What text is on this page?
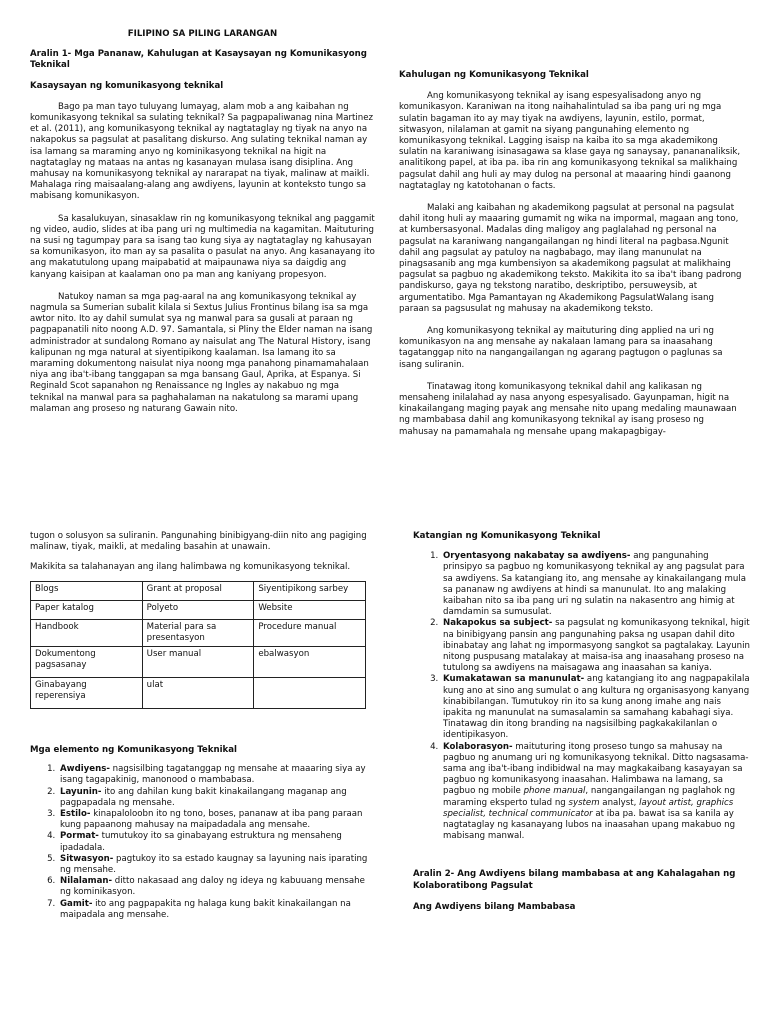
FILIPINO SA PILING LARANGAN

Aralin 1- Mga Pananaw, Kahulugan at Kasaysayan ng Komunikasyong Teknikal

Kasaysayan ng komunikasyong teknikal

Bago pa man tayo tuluyang lumayag, alam mob a ang kaibahan ng komunikasyong teknikal sa sulating teknikal? Sa pagpapaliwanag nina Martinez et al. (2011), ang komunikasyong teknikal ay nagtataglay ng tiyak na anyo na nakapokus sa pagsulat at pasalitang diskurso. Ang sulating teknikal naman ay isa lamang sa maraming anyo ng kominikasyong teknikal na higit na nagtataglay ng mataas na antas ng kasanayan mulasa isang disiplina. Ang mahusay na komunikasyong teknikal ay nararapat na tiyak, malinaw at maikli. Mahalaga ring maisaalang-alang ang awdiyens, layunin at konteksto tungo sa mabisang komunikasyon.

Sa kasalukuyan, sinasaklaw rin ng komunikasyong teknikal ang paggamit ng video, audio, slides at iba pang uri ng multimedia na kagamitan. Maituturing na susi ng tagumpay para sa isang tao kung siya ay nagtataglay ng kahusayan sa komunikasyon, ito man ay sa pasalita o pasulat na anyo. Ang kasanayang ito ang makatutulong upang maipabatid at maipaunawa niya sa daigdig ang kanyang kaisipan at kaalaman ono pa man ang kaniyang propesyon.

Natukoy naman sa mga pag-aaral na ang komunikasyong teknikal ay nagmula sa Sumerian subalit kilala si Sextus Julius Frontinus bilang isa sa mga awtor nito. Ito ay dahil sumulat sya ng manwal para sa gusali at paraan ng pagpapanatili nito noong A.D. 97. Samantala, si Pliny the Elder naman na isang administrador at sundalong Romano ay naisulat ang The Natural History, isang kalipunan ng mga natural at siyentipikong kaalaman. Isa lamang ito sa maraming dokumentong naisulat niya noong mga panahong pinamamahalaan niya ang iba't-ibang tanggapan sa mga bansang Gaul, Aprika, at Espanya. Si Reginald Scot sapanahon ng Renaissance ng Ingles ay nakabuo ng mga teknikal na manwal para sa paghahalaman na nakatulong sa marami upang malaman ang proseso ng naturang Gawain nito.

Kahulugan ng Komunikasyong Teknikal

Ang komunikasyong teknikal ay isang espesyalisadong anyo ng komunikasyon. Karaniwan na itong naihahalintulad sa iba pang uri ng mga sulatin bagaman ito ay may tiyak na awdiyens, layunin, estilo, pormat, sitwasyon, nilalaman at gamit na siyang pangunahing elemento ng komunikasyong teknikal. Lagging isaisp na kaiba ito sa mga akademikong sulatin na karaniwang isinasagawa sa klase gaya ng sanaysay, panananaliksik, analitikong papel, at iba pa. iba rin ang komunikasyong teknikal sa malikhaing pagsulat dahil ang huli ay may dulog na personal at maaaring hindi gaanong nagtataglay ng katotohanan o facts.

Malaki ang kaibahan ng akademikong pagsulat at personal na pagsulat dahil itong huli ay maaaring gumamit ng wika na impormal, magaan ang tono, at kumbersasyonal. Madalas ding maligoy ang paglalahad ng personal na pagsulat na karaniwang nangangailangan ng hindi literal na pagbasa.Ngunit dahil ang pagsulat ay patuloy na nagbabago, may ilang manunulat na pinagsasanib ang mga kumbensiyon sa akademikong pagsulat at malikhaing pagsulat sa pagbuo ng akademikong teksto. Makikita ito sa iba't ibang padrong pandiskurso, gaya ng tekstong naratibo, deskriptibo, persuweysib, at argumentatibo. Mga Pamantayan ng Akademikong PagsulatWalang isang paraan sa pagsusulat ng mahusay na akademikong teksto.

Ang komunikasyong teknikal ay maituturing ding applied na uri ng komunikasyon na ang mensahe ay nakalaan lamang para sa inaasahang tagatanggap nito na nangangailangan ng agarang pagtugon o paglunas sa isang suliranin.

Tinatawag itong komunikasyong teknikal dahil ang kalikasan ng mensaheng inilalahad ay nasa anyong espesyalisado. Gayunpaman, higit na kinakailangang maging payak ang mensahe nito upang medaling maunawaan ng mambabasa dahil ang komunikasyong teknikal ay isang proseso ng mahusay na pamamahala ng mensahe upang makapagbigay-

tugon o solusyon sa suliranin. Pangunahing binibigyang-diin nito ang pagiging malinaw, tiyak, maikli, at medaling basahin at unawain.

Makikita sa talahanayan ang ilang halimbawa ng komunikasyong teknikal.

Blogs	Grant at proposal	Siyentipikong sarbey
Paper katalog	Polyeto	Website
Handbook	Material para sa presentasyon	Procedure manual
Dokumentong pagsasanay	User manual	ebalwasyon
Ginabayang reperensiya	ulat	

Mga elemento ng Komunikasyong Teknikal

1. Awdiyens- nagsisilbing tagatanggap ng mensahe at maaaring siya ay isang tagapakinig, manonood o mambabasa.
2. Layunin- ito ang dahilan kung bakit kinakailangang maganap ang pagpapadala ng mensahe.
3. Estilo- kinapaloloobn ito ng tono, boses, pananaw at iba pang paraan kung papaanong mahusay na maipadadala ang mensahe.
4. Pormat- tumutukoy ito sa ginabayang estruktura ng mensaheng ipadadala.
5. Sitwasyon- pagtukoy ito sa estado kaugnay sa layuning nais iparating ng mensahe.
6. Nilalaman- ditto nakasaad ang daloy ng ideya ng kabuuang mensahe ng kominikasyon.
7. Gamit- ito ang pagpapakita ng halaga kung bakit kinakailangan na maipadala ang mensahe.

Katangian ng Komunikasyong Teknikal

1. Oryentasyong nakabatay sa awdiyens- ang pangunahing prinsipyo sa pagbuo ng komunikasyong teknikal ay ang pagsulat para sa awdiyens. Sa katangiang ito, ang mensahe ay kinakailangang mula sa pananaw ng awdiyens at hindi sa manunulat. Ito ang malaking kaibahan nito sa iba pang uri ng sulatin na nakasentro ang himig at damdamin sa sumusulat.
2. Nakapokus sa subject- sa pagsulat ng komunikasyong teknikal, higit na binibigyang pansin ang pangunahing paksa ng usapan dahil dito ibinabatay ang lahat ng impormasyong sangkot sa pagtalakay. Layunin nitong puspusang matalakay at maisa-isa ang inaasahang proseso na tutulong sa awdiyens na maisagawa ang inaasahan sa kaniya.
3. Kumakatawan sa manunulat- ang katangiang ito ang nagpapakilala kung ano at sino ang sumulat o ang kultura ng organisasyong kanyang kinabibilangan. Tumutukoy rin ito sa kung anong imahe ang nais ipakita ng manunulat na sumasalamin sa samahang kabahagi siya. Tinatawag din itong branding na nagsisilbing pagkakakilanlan o identipikasyon.
4. Kolaborasyon- maituturing itong proseso tungo sa mahusay na pagbuo ng anumang uri ng komunikasyong teknikal. Ditto nagsasama-sama ang iba't-ibang indibidwal na may magkakaibang kasayayan sa pagbuo ng komunikasyong inaasahan. Halimbawa na lamang, sa pagbuo ng mobile phone manual, nangangailangan ng paglahok ng maraming eksperto tulad ng system analyst, layout artist, graphics specialist, technical communicator at iba pa. bawat isa sa kanila ay nagtataglay ng kasanayang lubos na inaasahan upang makabuo ng mabisang manwal.

Aralin 2- Ang Awdiyens bilang mambabasa at ang Kahalagahan ng Kolaboratibong Pagsulat

Ang Awdiyens bilang Mambabasa
